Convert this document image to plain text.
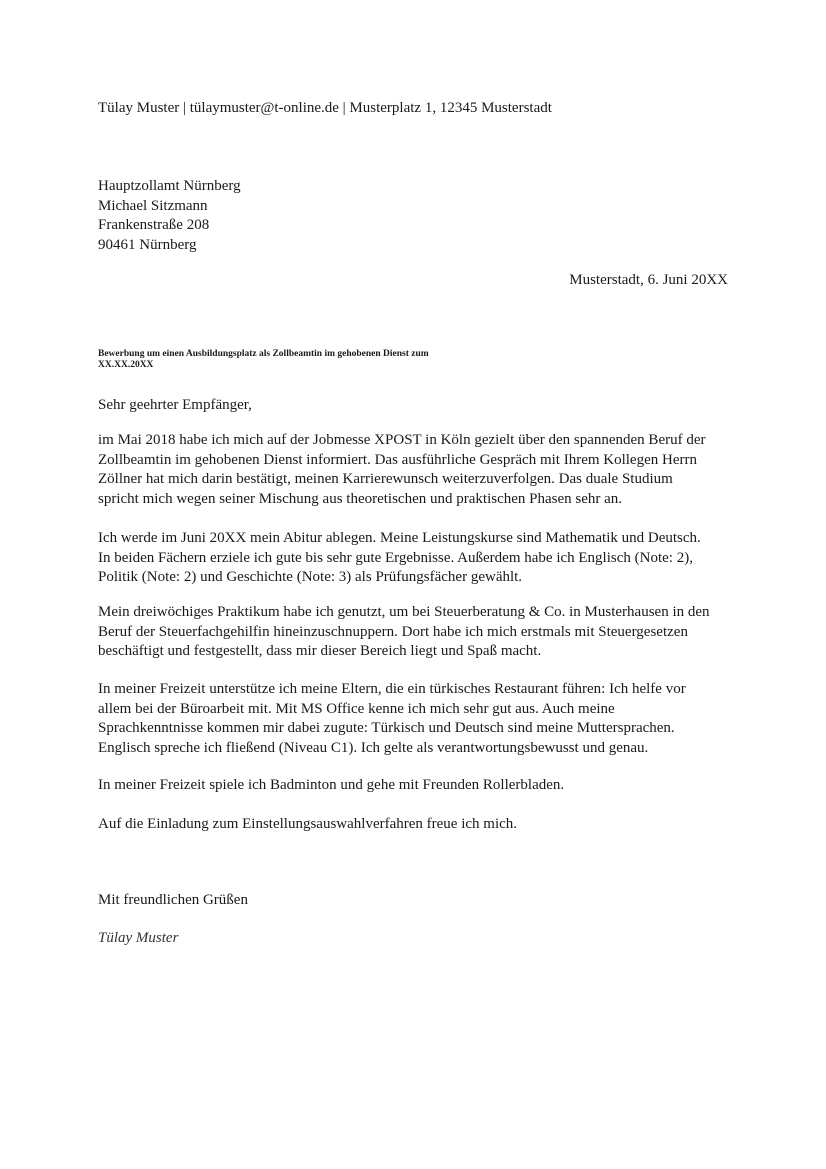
Tülay Muster | tülaymuster@t-online.de | Musterplatz 1, 12345 Musterstadt
Hauptzollamt Nürnberg
Michael Sitzmann
Frankenstraße 208
90461 Nürnberg
Musterstadt, 6. Juni 20XX
Bewerbung um einen Ausbildungsplatz als Zollbeamtin im gehobenen Dienst zum
XX.XX.20XX
Sehr geehrter Empfänger,
im Mai 2018 habe ich mich auf der Jobmesse XPOST in Köln gezielt über den spannenden Beruf der
Zollbeamtin im gehobenen Dienst informiert. Das ausführliche Gespräch mit Ihrem Kollegen Herrn
Zöllner hat mich darin bestätigt, meinen Karrierewunsch weiterzuverfolgen. Das duale Studium
spricht mich wegen seiner Mischung aus theoretischen und praktischen Phasen sehr an.
Ich werde im Juni 20XX mein Abitur ablegen. Meine Leistungskurse sind Mathematik und Deutsch.
In beiden Fächern erziele ich gute bis sehr gute Ergebnisse. Außerdem habe ich Englisch (Note: 2),
Politik (Note: 2) und Geschichte (Note: 3) als Prüfungsfächer gewählt.
Mein dreiwöchiges Praktikum habe ich genutzt, um bei Steuerberatung & Co. in Musterhausen in den
Beruf der Steuerfachgehilfin hineinzuschnuppern. Dort habe ich mich erstmals mit Steuergesetzen
beschäftigt und festgestellt, dass mir dieser Bereich liegt und Spaß macht.
In meiner Freizeit unterstütze ich meine Eltern, die ein türkisches Restaurant führen: Ich helfe vor
allem bei der Büroarbeit mit. Mit MS Office kenne ich mich sehr gut aus. Auch meine
Sprachkenntnisse kommen mir dabei zugute: Türkisch und Deutsch sind meine Muttersprachen.
Englisch spreche ich fließend (Niveau C1). Ich gelte als verantwortungsbewusst und genau.
In meiner Freizeit spiele ich Badminton und gehe mit Freunden Rollerbladen.
Auf die Einladung zum Einstellungsauswahlverfahren freue ich mich.
Mit freundlichen Grüßen
Tülay Muster
